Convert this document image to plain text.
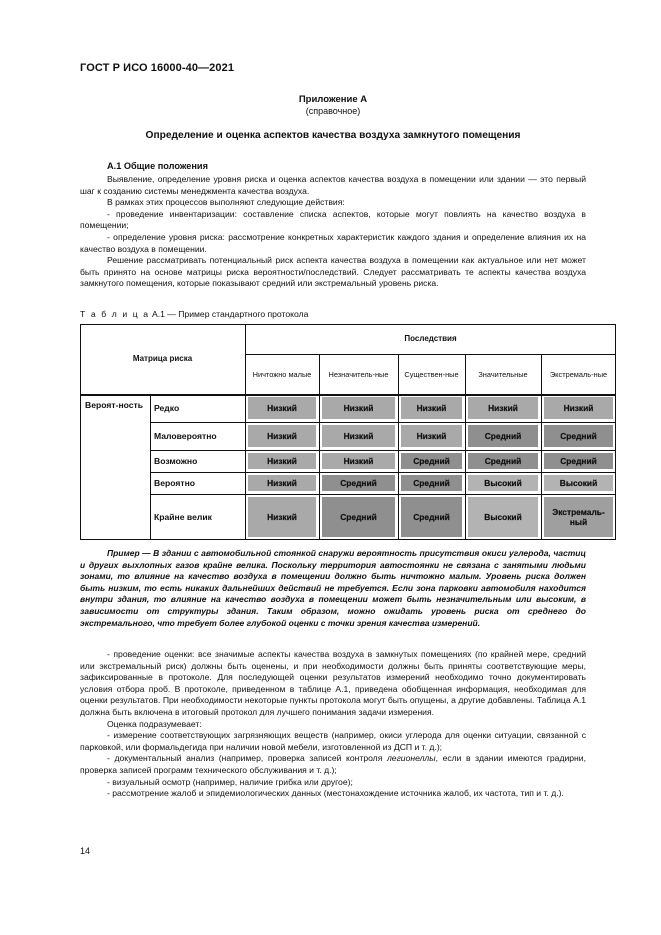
ГОСТ Р ИСО 16000-40—2021
Приложение A
(справочное)
Определение и оценка аспектов качества воздуха замкнутого помещения
A.1 Общие положения

Выявление, определение уровня риска и оценка аспектов качества воздуха в помещении или здании — это первый шаг к созданию системы менеджмента качества воздуха.

В рамках этих процессов выполняют следующие действия:

- проведение инвентаризации: составление списка аспектов, которые могут повлиять на качество воздуха в помещении;

- определение уровня риска: рассмотрение конкретных характеристик каждого здания и определение влияния их на качество воздуха в помещении.

Решение рассматривать потенциальный риск аспекта качества воздуха в помещении как актуальное или нет может быть принято на основе матрицы риска вероятности/последствий. Следует рассматривать те аспекты качества воздуха замкнутого помещения, которые показывают средний или экстремальный уровень риска.

Т а б л и ц а A.1 — Пример стандартного протокола
Матрица риска
Последствия
Вероят-ность
Ничтожно малые	Незначитель-ные	Существен-ные	Значительные	Экстремаль-ные
Редко	Низкий	Низкий	Низкий	Низкий	Низкий
Маловероятно	Низкий	Низкий	Низкий	Средний	Средний
Возможно	Низкий	Низкий	Средний	Средний	Средний
Вероятно	Низкий	Средний	Средний	Высокий	Высокий
Крайне велик	Низкий	Средний	Средний	Высокий	Экстремаль-ный

Пример — В здании с автомобильной стоянкой снаружи вероятность присутствия окиси углерода, частиц и других выхлопных газов крайне велика. Поскольку территория автостоянки не связана с занятыми людьми зонами, то влияние на качество воздуха в помещении должно быть ничтожно малым. Уровень риска должен быть низким, то есть никаких дальнейших действий не требуется. Если зона парковки автомобиля находится внутри здания, то влияние на качество воздуха в помещении может быть незначительным или высоким, в зависимости от структуры здания. Таким образом, можно ожидать уровень риска от среднего до экстремального, что требует более глубокой оценки с точки зрения качества измерений.

- проведение оценки: все значимые аспекты качества воздуха в замкнутых помещениях (по крайней мере, средний или экстремальный риск) должны быть оценены, и при необходимости должны быть приняты соответствующие меры, зафиксированные в протоколе. Для последующей оценки результатов измерений необходимо точно документировать условия отбора проб. В протоколе, приведенном в таблице A.1, приведена обобщенная информация, необходимая для оценки результатов. При необходимости некоторые пункты протокола могут быть опущены, а другие добавлены. Таблица A.1 должна быть включена в итоговый протокол для лучшего понимания задачи измерения.

Оценка подразумевает:

- измерение соответствующих загрязняющих веществ (например, окиси углерода для оценки ситуации, связанной с парковкой, или формальдегида при наличии новой мебели, изготовленной из ДСП и т. д.);

- документальный анализ (например, проверка записей контроля легионеллы, если в здании имеются градирни, проверка записей программ технического обслуживания и т. д.);

- визуальный осмотр (например, наличие грибка или другое);

- рассмотрение жалоб и эпидемиологических данных (местонахождение источника жалоб, их частота, тип и т. д.).

14
